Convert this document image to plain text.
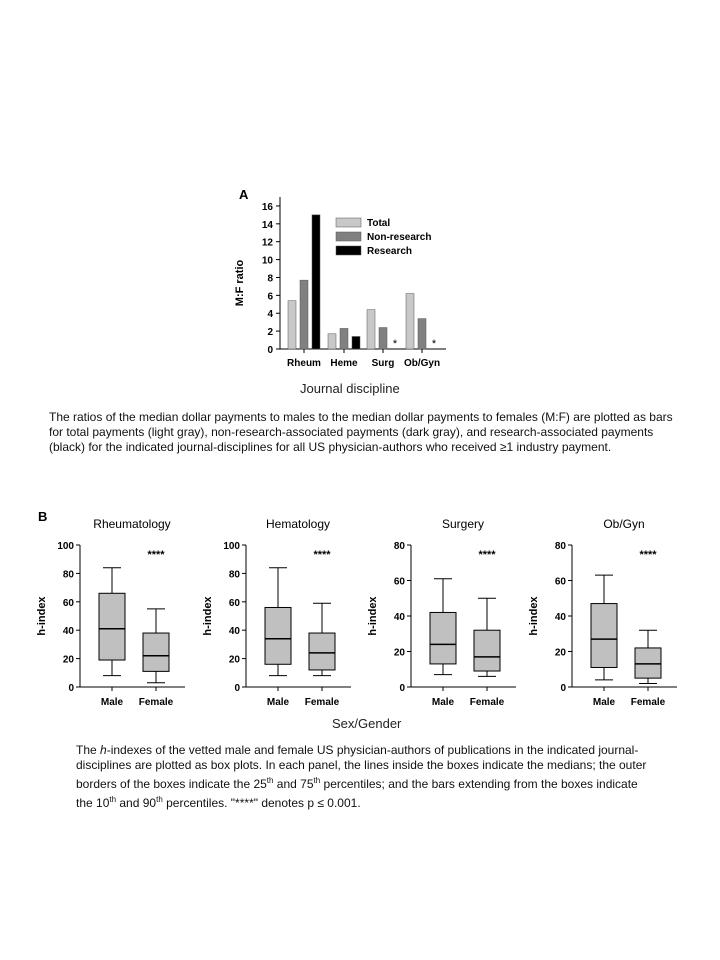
A
0
2
4
6
8
10
12
14
16
M:F ratio
Rheum Heme
*
Surg
*
Ob/Gyn
Total
Non-research
Research
Journal discipline
The ratios of the median dollar payments to males to the median dollar payments to females (M:F) are plotted as bars for total payments (light gray), non-research-associated payments (dark gray), and research-associated payments (black) for the indicated journal-disciplines for all US physician-authors who received ≥1 industry payment.
B	Rheumatology
0
20
40
60
80
100
h-index
Male Female
****
Hematology
0
20
40
60
80
100
h-index
Male Female
****
Surgery
0
20
40
60
80
h-index
Male Female
****
Ob/Gyn
0
20
40
60
80
h-index
Male Female
****
Sex/Gender
The h-indexes of the vetted male and female US physician-authors of publications in the indicated journal-disciplines are plotted as box plots. In each panel, the lines inside the boxes indicate the medians; the outer borders of the boxes indicate the 25th and 75th percentiles; and the bars extending from the boxes indicate the 10th and 90th percentiles. "****" denotes p ≤ 0.001.
